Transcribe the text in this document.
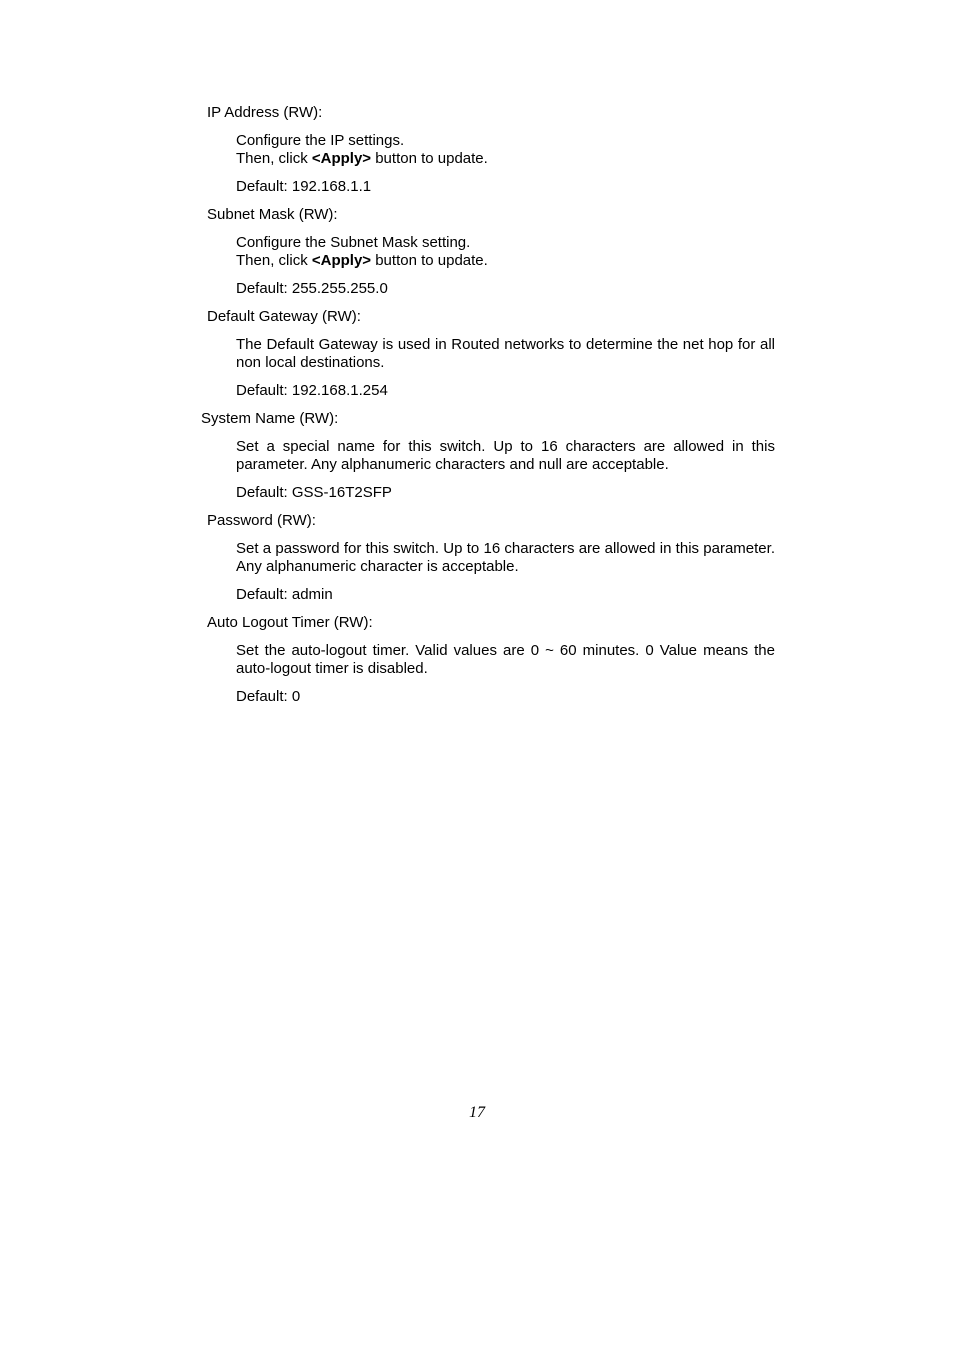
IP Address (RW):
Configure the IP settings.
Then, click <Apply> button to update.
Default: 192.168.1.1
Subnet Mask (RW):
Configure the Subnet Mask setting.
Then, click <Apply> button to update.
Default: 255.255.255.0
Default Gateway (RW):
The Default Gateway is used in Routed networks to determine the net hop for all non local destinations.
Default: 192.168.1.254
System Name (RW):
Set a special name for this switch. Up to 16 characters are allowed in this parameter. Any alphanumeric characters and null are acceptable.
Default: GSS-16T2SFP
Password (RW):
Set a password for this switch. Up to 16 characters are allowed in this parameter. Any alphanumeric character is acceptable.
Default: admin
Auto Logout Timer (RW):
Set the auto-logout timer. Valid values are 0 ~ 60 minutes. 0 Value means the auto-logout timer is disabled.
Default: 0
17
